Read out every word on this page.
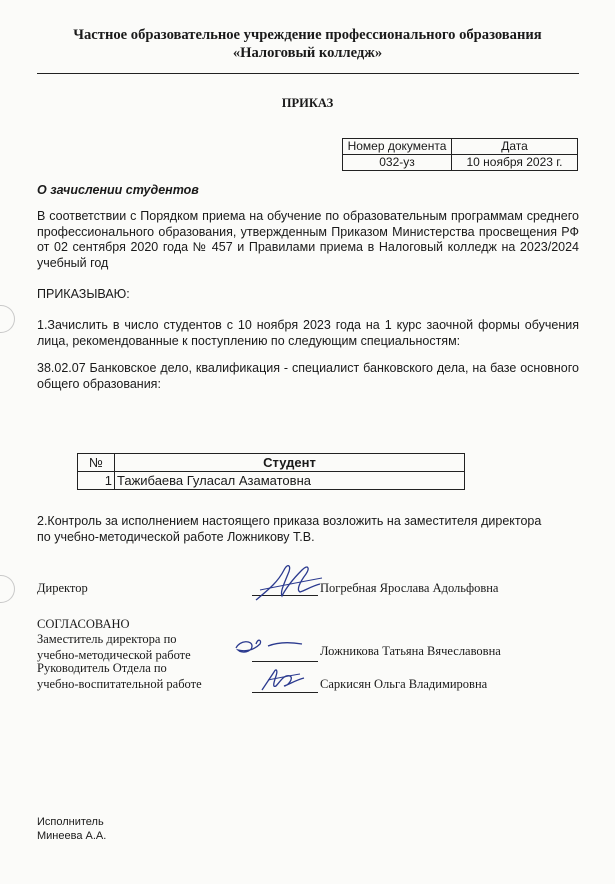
Частное образовательное учреждение профессионального образования
«Налоговый колледж»
ПРИКАЗ
Номер документа	Дата
032-уз	10 ноября 2023 г.
О зачислении студентов
В соответствии с Порядком приема на обучение по образовательным программам среднего профессионального образования, утвержденным Приказом Министерства просвещения РФ от 02 сентября 2020 года № 457 и Правилами приема в Налоговый колледж на 2023/2024 учебный год
ПРИКАЗЫВАЮ:
1.Зачислить в число студентов с 10 ноября 2023 года на 1 курс заочной формы обучения лица, рекомендованные к поступлению по следующим специальностям:
38.02.07 Банковское дело, квалификация - специалист банковского дела, на базе основного общего образования:
№	Студент
1	Тажибаева Гуласал Азаматовна
2.Контроль за исполнением настоящего приказа возложить на заместителя директора
по учебно-методической работе Ложникову Т.В.
Директор	Погребная Ярослава Адольфовна
СОГЛАСОВАНО
Заместитель директора по
учебно-методической работе	Ложникова Татьяна Вячеславовна
Руководитель Отдела по
учебно-воспитательной работе	Саркисян Ольга Владимировна
Исполнитель
Минеева А.А.
